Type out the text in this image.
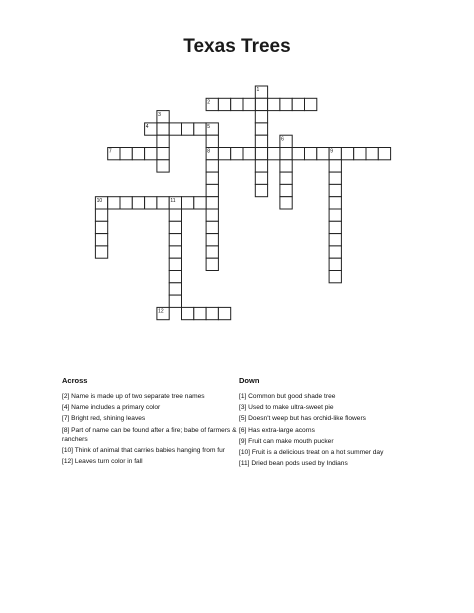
Texas Trees
1
2
3
4	5
6
7	8	9
10	11
12
Across
[2] Name is made up of two separate tree names
[4] Name includes a primary color
[7] Bright red, shining leaves
[8] Part of name can be found after a fire; babe of farmers & ranchers
[10] Think of animal that carries babies hanging from fur
[12] Leaves turn color in fall
Down
[1] Common but good shade tree
[3] Used to make ultra-sweet pie
[5] Doesn't weep but has orchid-like flowers
[6] Has extra-large acorns
[9] Fruit can make mouth pucker
[10] Fruit is a delicious treat on a hot summer day
[11] Dried bean pods used by Indians
